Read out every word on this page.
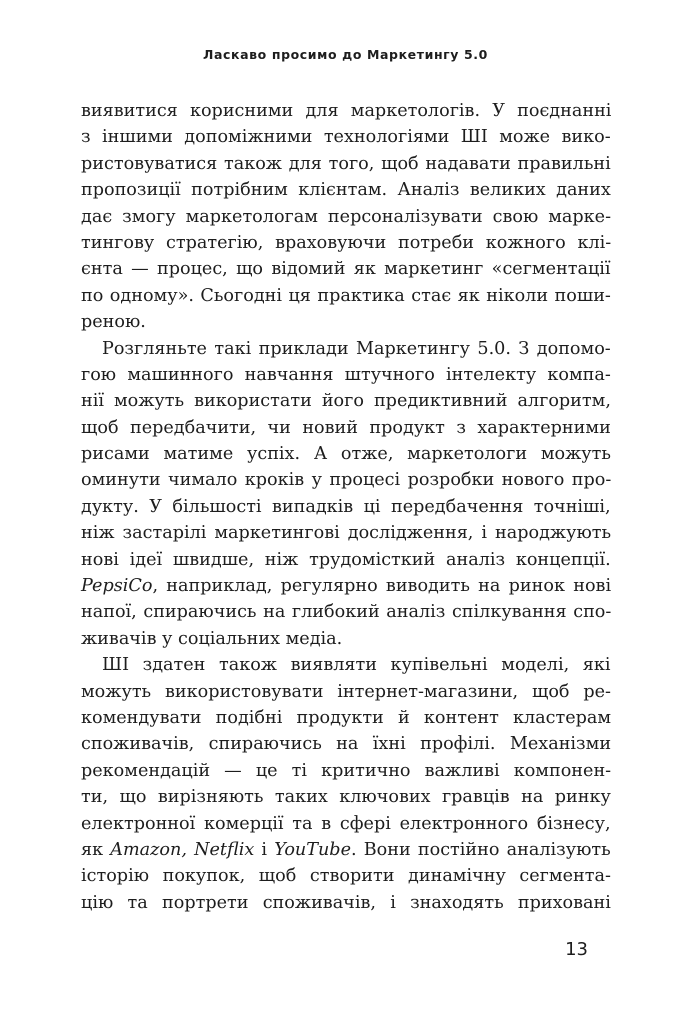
Ласкаво просимо до Маркетингу 5.0
виявитися корисними для маркетологів. У поєднанні
з іншими допоміжними технологіями ШІ може вико-
ристовуватися також для того, щоб надавати правильні
пропозиції потрібним клієнтам. Аналіз великих даних
дає змогу маркетологам персоналізувати свою марке-
тингову стратегію, враховуючи потреби кожного клі-
єнта — процес, що відомий як маркетинг «сегментації
по одному». Сьогодні ця практика стає як ніколи поши-
реною.
Розгляньте такі приклади Маркетингу 5.0. З допомо-
гою машинного навчання штучного інтелекту компа-
нії можуть використати його предиктивний алгоритм,
щоб передбачити, чи новий продукт з характерними
рисами матиме успіх. А отже, маркетологи можуть
оминути чимало кроків у процесі розробки нового про-
дукту. У більшості випадків ці передбачення точніші,
ніж застарілі маркетингові дослідження, і народжують
нові ідеї швидше, ніж трудомісткий аналіз концепції.
PepsiCo, наприклад, регулярно виводить на ринок нові
напої, спираючись на глибокий аналіз спілкування спо-
живачів у соціальних медіа.
ШІ здатен також виявляти купівельні моделі, які
можуть використовувати інтернет-магазини, щоб ре-
комендувати подібні продукти й контент кластерам
споживачів, спираючись на їхні профілі. Механізми
рекомендацій — це ті критично важливі компонен-
ти, що вирізняють таких ключових гравців на ринку
електронної комерції та в сфері електронного бізнесу,
як Amazon, Netflix і YouTube. Вони постійно аналізують
історію покупок, щоб створити динамічну сегмента-
цію та портрети споживачів, і знаходять приховані
13
